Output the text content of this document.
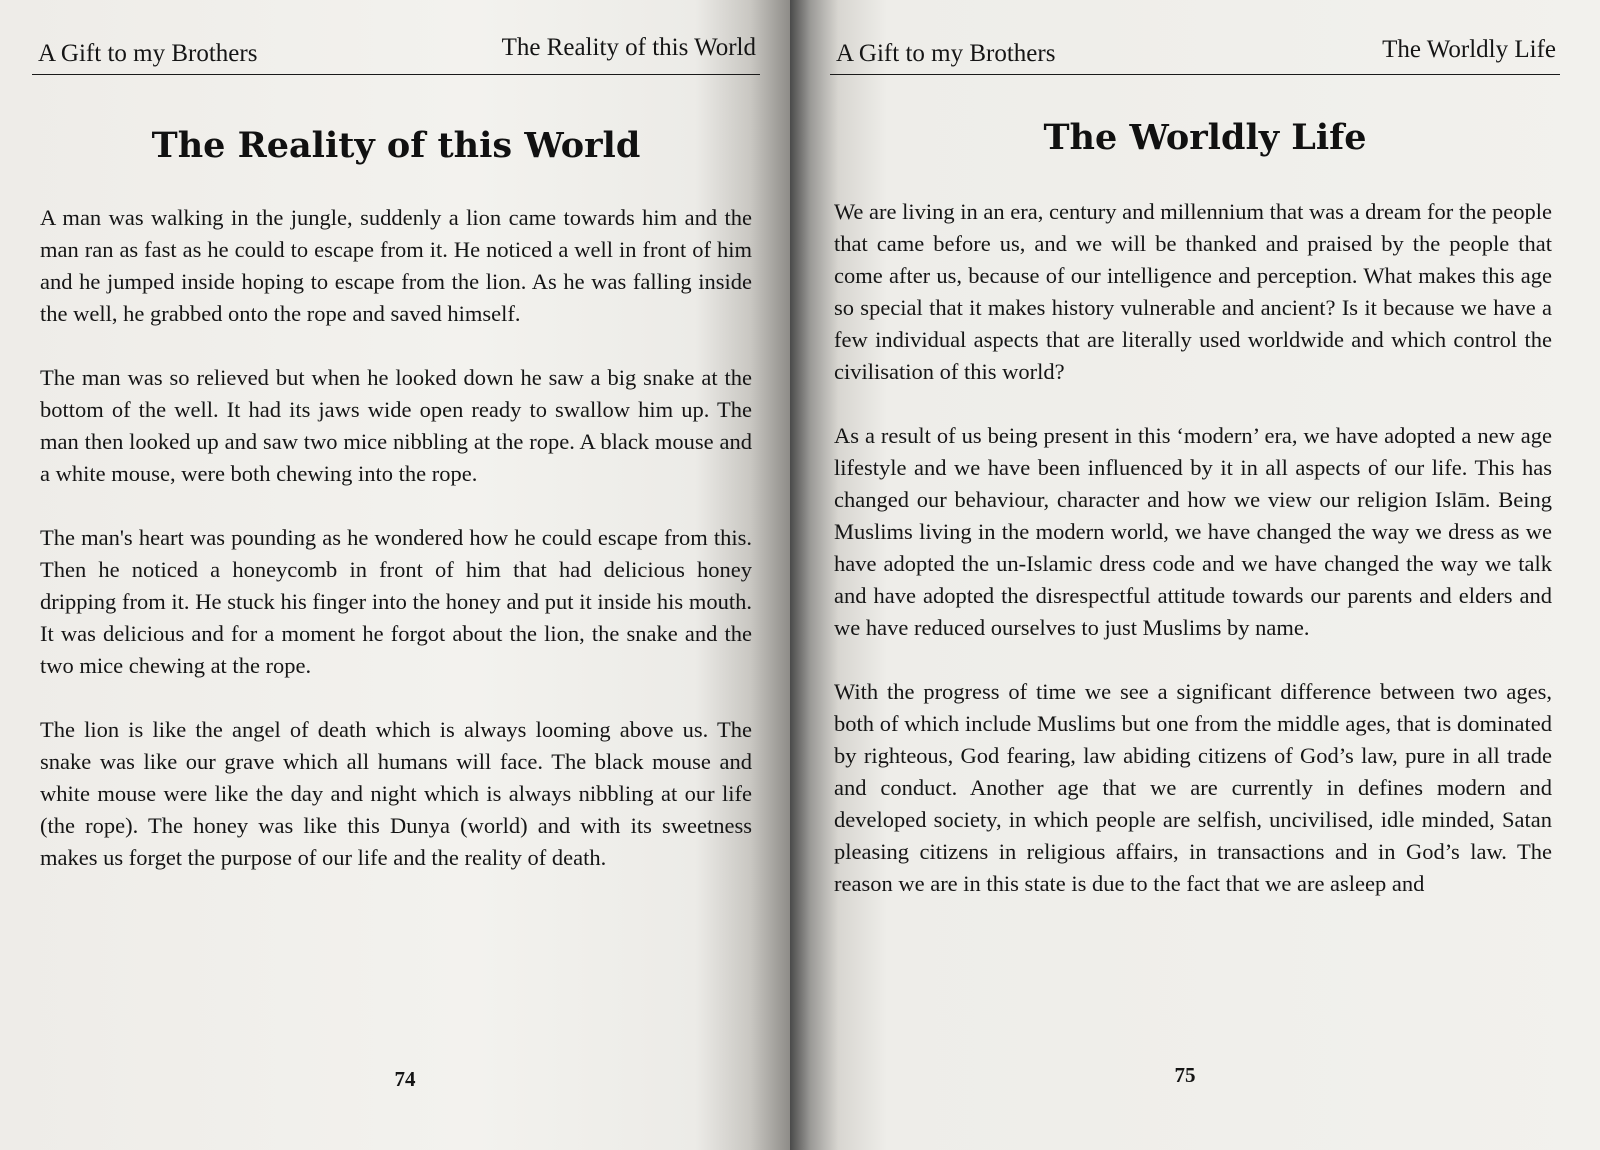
A Gift to my Brothers	The Reality of this World
The Reality of this World

A man was walking in the jungle, suddenly a lion came towards him and the man ran as fast as he could to escape from it. He noticed a well in front of him and he jumped inside hoping to escape from the lion. As he was falling inside the well, he grabbed onto the rope and saved himself.

The man was so relieved but when he looked down he saw a big snake at the bottom of the well. It had its jaws wide open ready to swallow him up. The man then looked up and saw two mice nibbling at the rope. A black mouse and a white mouse, were both chewing into the rope.

The man's heart was pounding as he wondered how he could escape from this. Then he noticed a honeycomb in front of him that had delicious honey dripping from it. He stuck his finger into the honey and put it inside his mouth. It was delicious and for a moment he forgot about the lion, the snake and the two mice chewing at the rope.

The lion is like the angel of death which is always looming above us. The snake was like our grave which all humans will face. The black mouse and white mouse were like the day and night which is always nibbling at our life (the rope). The honey was like this Dunya (world) and with its sweetness makes us forget the purpose of our life and the reality of death.

74
A Gift to my Brothers	The Worldly Life
The Worldly Life

We are living in an era, century and millennium that was a dream for the people that came before us, and we will be thanked and praised by the people that come after us, because of our intelligence and perception. What makes this age so special that it makes history vulnerable and ancient? Is it because we have a few individual aspects that are literally used worldwide and which control the civilisation of this world?

As a result of us being present in this ‘modern’ era, we have adopted a new age lifestyle and we have been influenced by it in all aspects of our life. This has changed our behaviour, character and how we view our religion Islām. Being Muslims living in the modern world, we have changed the way we dress as we have adopted the un-Islamic dress code and we have changed the way we talk and have adopted the disrespectful attitude towards our parents and elders and we have reduced ourselves to just Muslims by name.

With the progress of time we see a significant difference between two ages, both of which include Muslims but one from the middle ages, that is dominated by righteous, God fearing, law abiding citizens of God’s law, pure in all trade and conduct. Another age that we are currently in defines modern and developed society, in which people are selfish, uncivilised, idle minded, Satan pleasing citizens in religious affairs, in transactions and in God’s law. The reason we are in this state is due to the fact that we are asleep and

75
